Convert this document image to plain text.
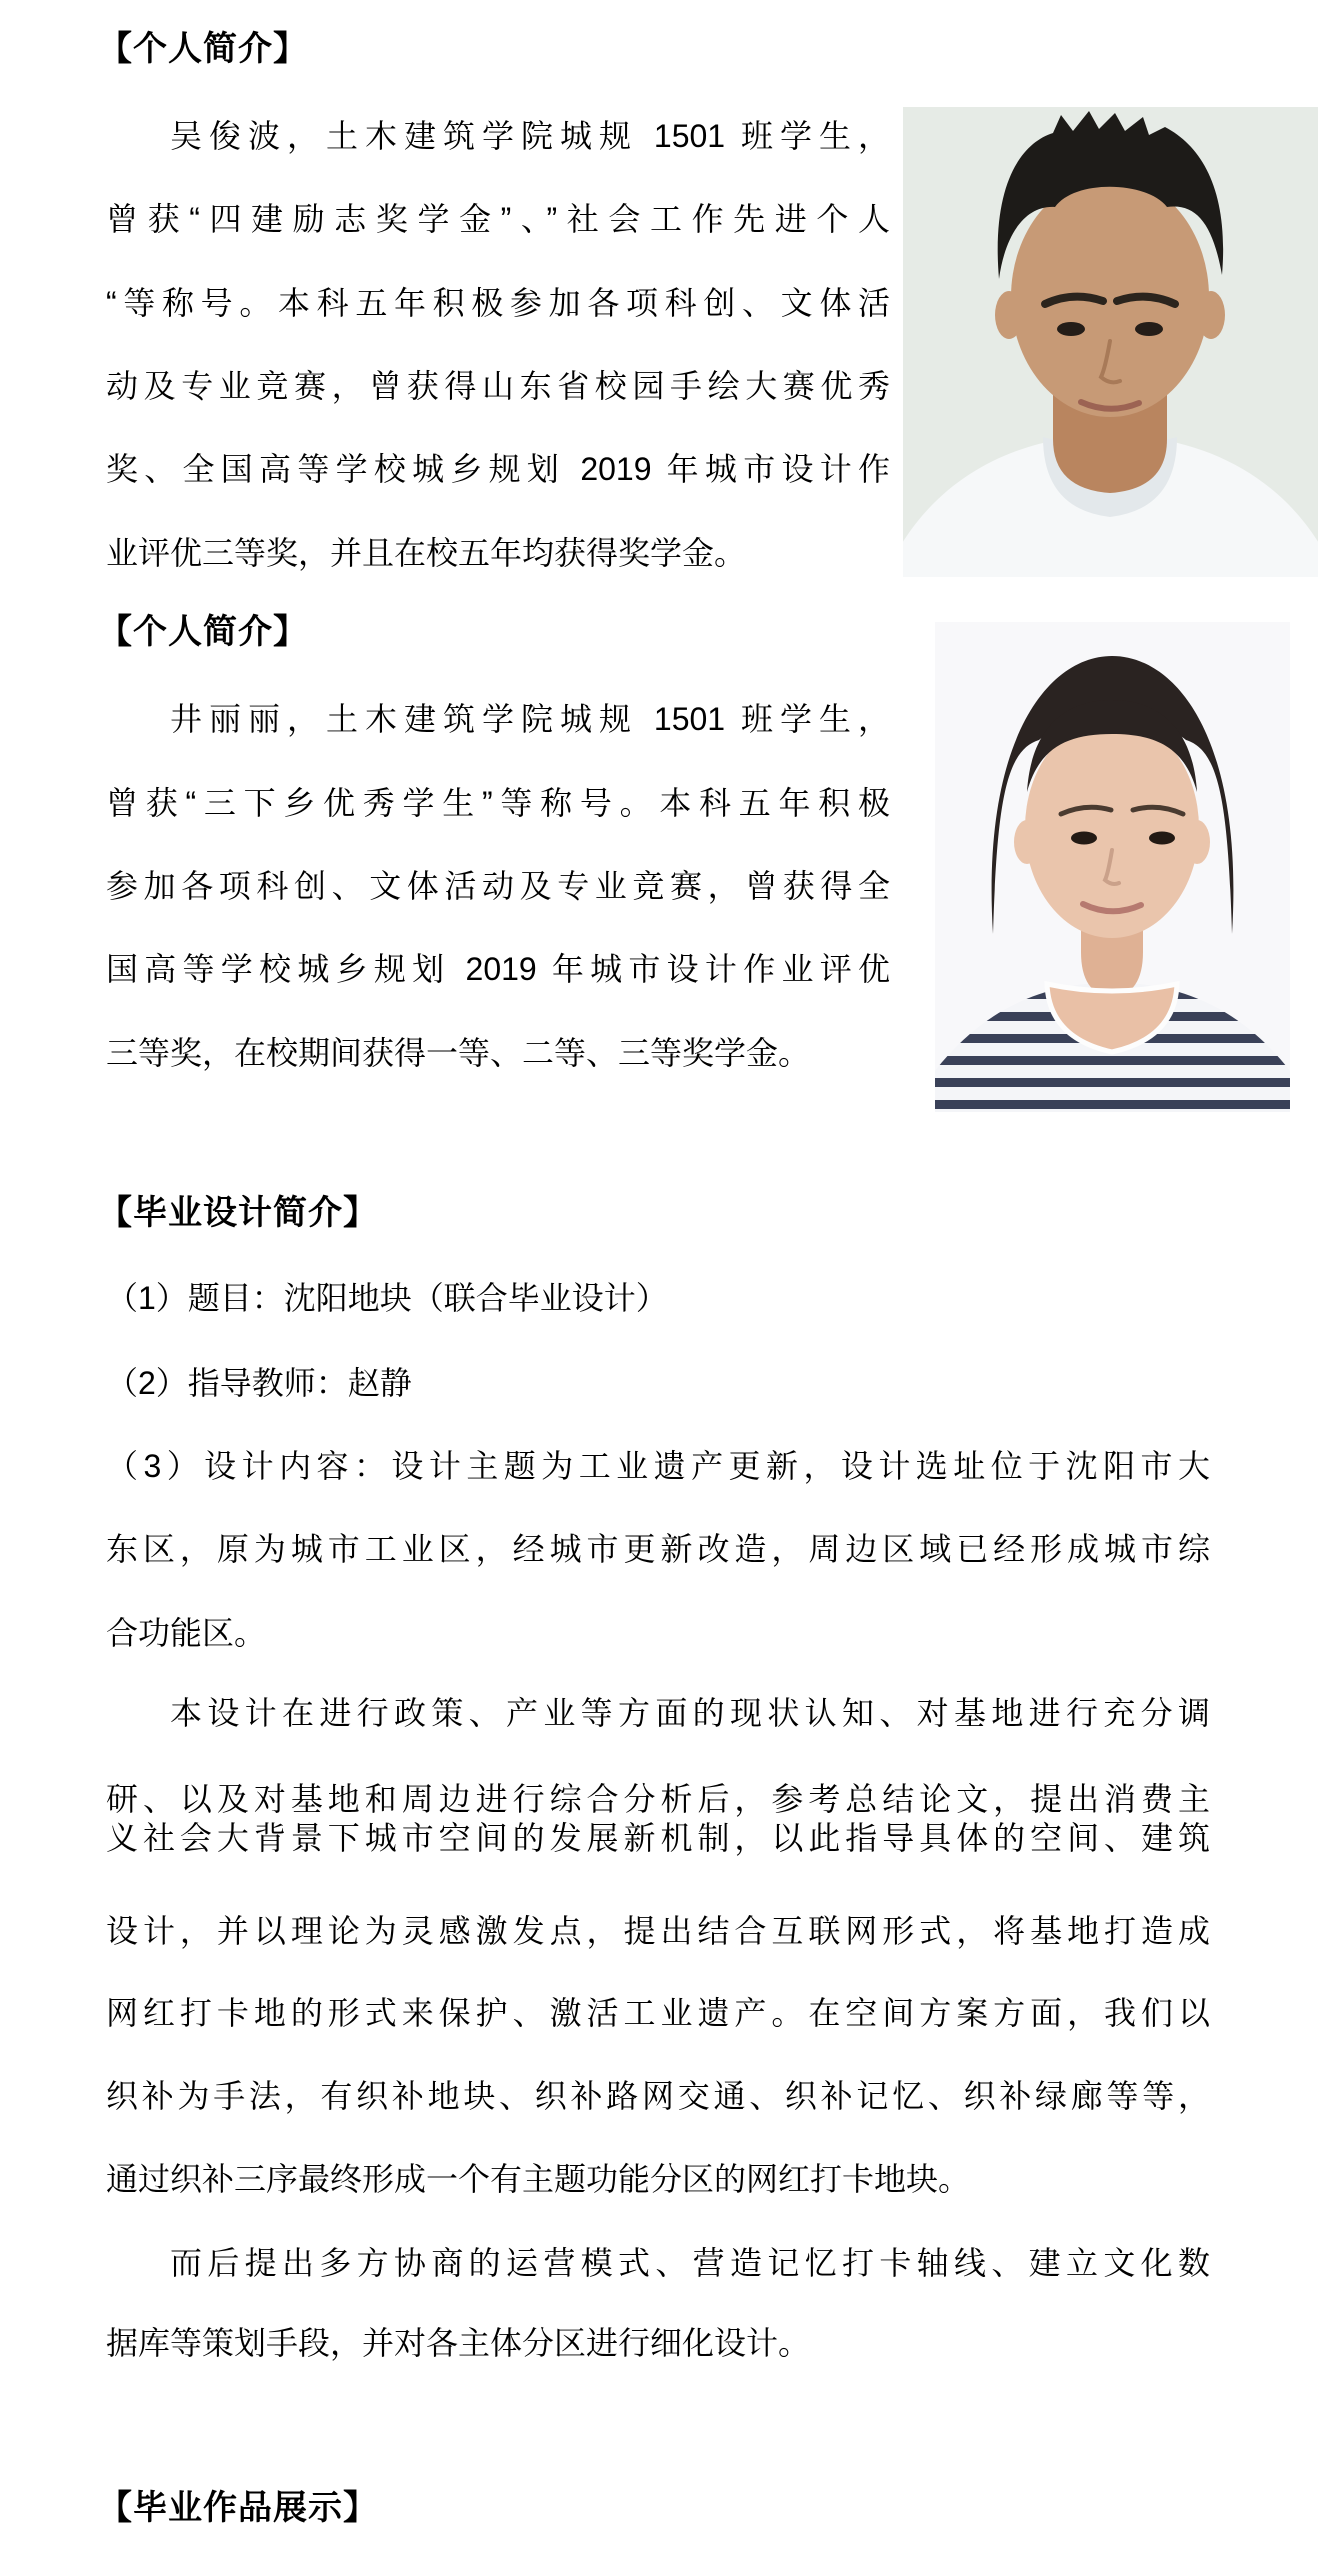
【个人简介】
吴俊波，土木建筑学院城规 1501 班学生，
曾获“四建励志奖学金”、”社会工作先进个人
“等称号。本科五年积极参加各项科创、文体活
动及专业竞赛，曾获得山东省校园手绘大赛优秀
奖、全国高等学校城乡规划 2019 年城市设计作
业评优三等奖，并且在校五年均获得奖学金。
【个人简介】
井丽丽，土木建筑学院城规 1501 班学生，
曾获“三下乡优秀学生”等称号。本科五年积极
参加各项科创、文体活动及专业竞赛，曾获得全
国高等学校城乡规划 2019 年城市设计作业评优
三等奖，在校期间获得一等、二等、三等奖学金。
【毕业设计简介】
（1）题目：沈阳地块（联合毕业设计）
（2）指导教师：赵静
（3）设计内容：设计主题为工业遗产更新，设计选址位于沈阳市大
东区，原为城市工业区，经城市更新改造，周边区域已经形成城市综
合功能区。
本设计在进行政策、产业等方面的现状认知、对基地进行充分调
研、以及对基地和周边进行综合分析后，参考总结论文，提出消费主
义社会大背景下城市空间的发展新机制，以此指导具体的空间、建筑
设计，并以理论为灵感激发点，提出结合互联网形式，将基地打造成
网红打卡地的形式来保护、激活工业遗产。在空间方案方面，我们以
织补为手法，有织补地块、织补路网交通、织补记忆、织补绿廊等等，
通过织补三序最终形成一个有主题功能分区的网红打卡地块。
而后提出多方协商的运营模式、营造记忆打卡轴线、建立文化数
据库等策划手段，并对各主体分区进行细化设计。
【毕业作品展示】
